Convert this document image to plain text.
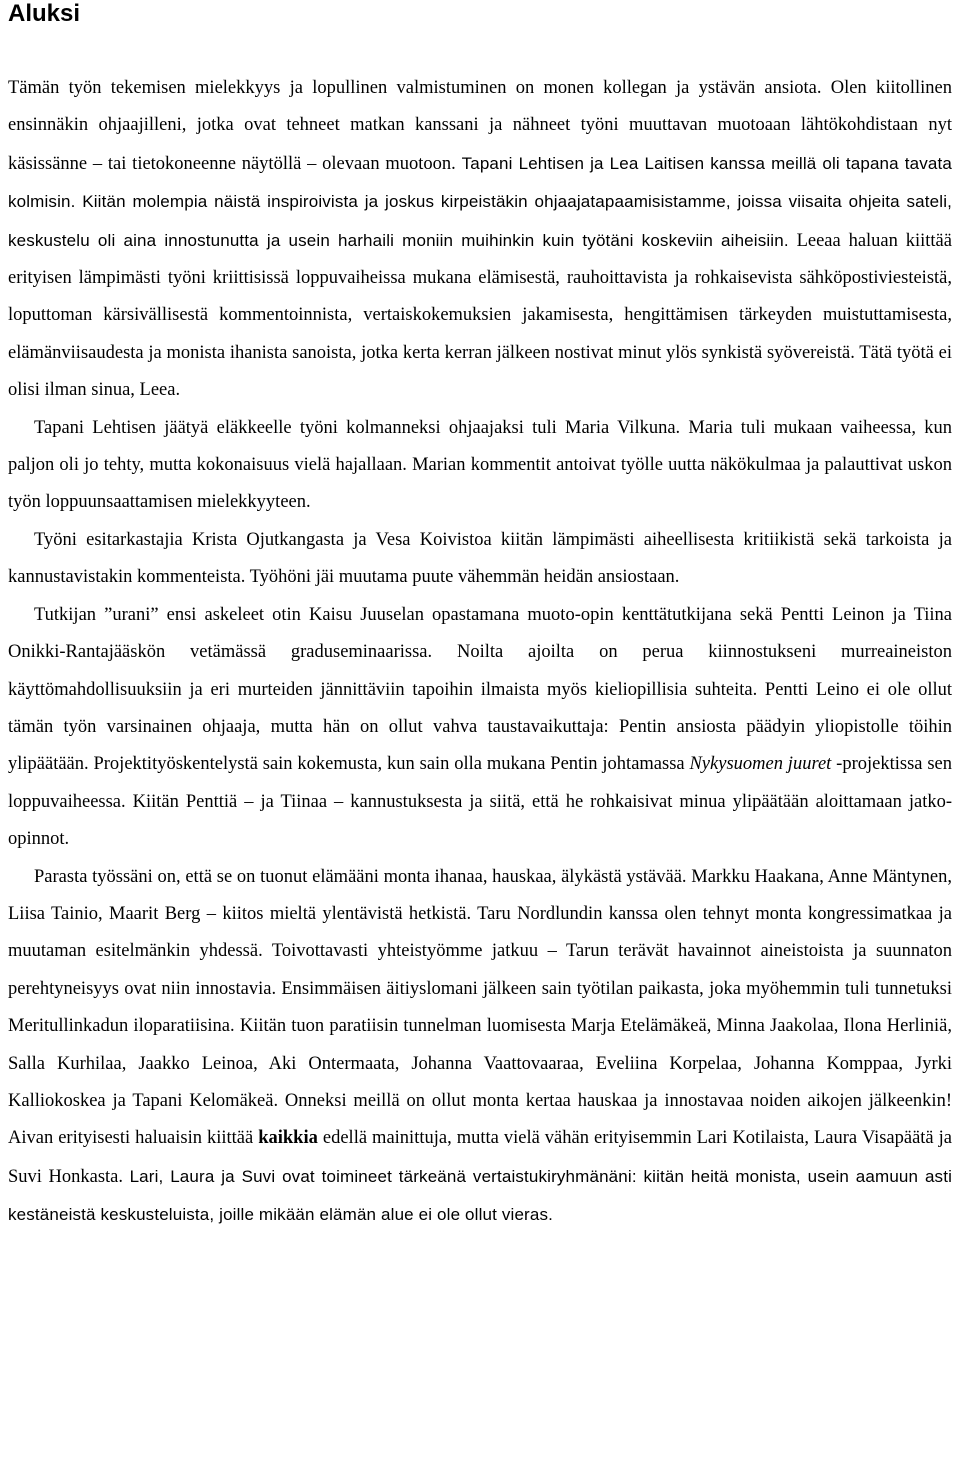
Aluksi

Tämän työn tekemisen mielekkyys ja lopullinen valmistuminen on monen kollegan ja ystävän ansiota. Olen kiitollinen ensinnäkin ohjaajilleni, jotka ovat tehneet matkan kanssani ja nähneet työni muuttavan muotoaan lähtökohdistaan nyt käsissänne – tai tietokoneenne näytöllä – olevaan muotoon. Tapani Lehtisen ja Lea Laitisen kanssa meillä oli tapana tavata kolmisin. Kiitän molempia näistä inspiroivista ja joskus kirpeistäkin ohjaajatapaamisistamme, joissa viisaita ohjeita sateli, keskustelu oli aina innostunutta ja usein harhaili moniin muihinkin kuin työtäni koskeviin aiheisiin. Leeaa haluan kiittää erityisen lämpimästi työni kriittisissä loppuvaiheissa mukana elämisestä, rauhoittavista ja rohkaisevista sähköpostiviesteistä, loputtoman kärsivällisestä kommentoinnista, vertaiskokemuksien jakamisesta, hengittämisen tärkeyden muistuttamisesta, elämänviisaudesta ja monista ihanista sanoista, jotka kerta kerran jälkeen nostivat minut ylös synkistä syövereistä. Tätä työtä ei olisi ilman sinua, Leea.

Tapani Lehtisen jäätyä eläkkeelle työni kolmanneksi ohjaajaksi tuli Maria Vilkuna. Maria tuli mukaan vaiheessa, kun paljon oli jo tehty, mutta kokonaisuus vielä hajallaan. Marian kommentit antoivat työlle uutta näkökulmaa ja palauttivat uskon työn loppuunsaattamisen mielekkyyteen.

Työni esitarkastajia Krista Ojutkangasta ja Vesa Koivistoa kiitän lämpimästi aiheellisesta kritiikistä sekä tarkoista ja kannustavistakin kommenteista. Työhöni jäi muutama puute vähemmän heidän ansiostaan.

Tutkijan ”urani” ensi askeleet otin Kaisu Juuselan opastamana muoto-opin kenttätutkijana sekä Pentti Leinon ja Tiina Onikki-Rantajääskön vetämässä graduseminaarissa. Noilta ajoilta on perua kiinnostukseni murreaineiston käyttömahdollisuuksiin ja eri murteiden jännittäviin tapoihin ilmaista myös kieliopillisia suhteita. Pentti Leino ei ole ollut tämän työn varsinainen ohjaaja, mutta hän on ollut vahva taustavaikuttaja: Pentin ansiosta päädyin yliopistolle töihin ylipäätään. Projektityöskentelystä sain kokemusta, kun sain olla mukana Pentin johtamassa Nykysuomen juuret -projektissa sen loppuvaiheessa. Kiitän Penttiä – ja Tiinaa – kannustuksesta ja siitä, että he rohkaisivat minua ylipäätään aloittamaan jatko-opinnot.

Parasta työssäni on, että se on tuonut elämääni monta ihanaa, hauskaa, älykästä ystävää. Markku Haakana, Anne Mäntynen, Liisa Tainio, Maarit Berg – kiitos mieltä ylentävistä hetkistä. Taru Nordlundin kanssa olen tehnyt monta kongressimatkaa ja muutaman esitelmänkin yhdessä. Toivottavasti yhteistyömme jatkuu – Tarun terävät havainnot aineistoista ja suunnaton perehtyneisyys ovat niin innostavia. Ensimmäisen äitiyslomani jälkeen sain työtilan paikasta, joka myöhemmin tuli tunnetuksi Meritullinkadun iloparatiisina. Kiitän tuon paratiisin tunnelman luomisesta Marja Etelämäkeä, Minna Jaakolaa, Ilona Herliniä, Salla Kurhilaa, Jaakko Leinoa, Aki Ontermaata, Johanna Vaattovaaraa, Eveliina Korpelaa, Johanna Komppaa, Jyrki Kalliokoskea ja Tapani Kelomäkeä. Onneksi meillä on ollut monta kertaa hauskaa ja innostavaa noiden aikojen jälkeenkin! Aivan erityisesti haluaisin kiittää kaikkia edellä mainittuja, mutta vielä vähän erityisemmin Lari Kotilaista, Laura Visapäätä ja Suvi Honkasta. Lari, Laura ja Suvi ovat toimineet tärkeänä vertaistukiryhmänäni: kiitän heitä monista, usein aamuun asti kestäneistä keskusteluista, joille mikään elämän alue ei ole ollut vieras.
